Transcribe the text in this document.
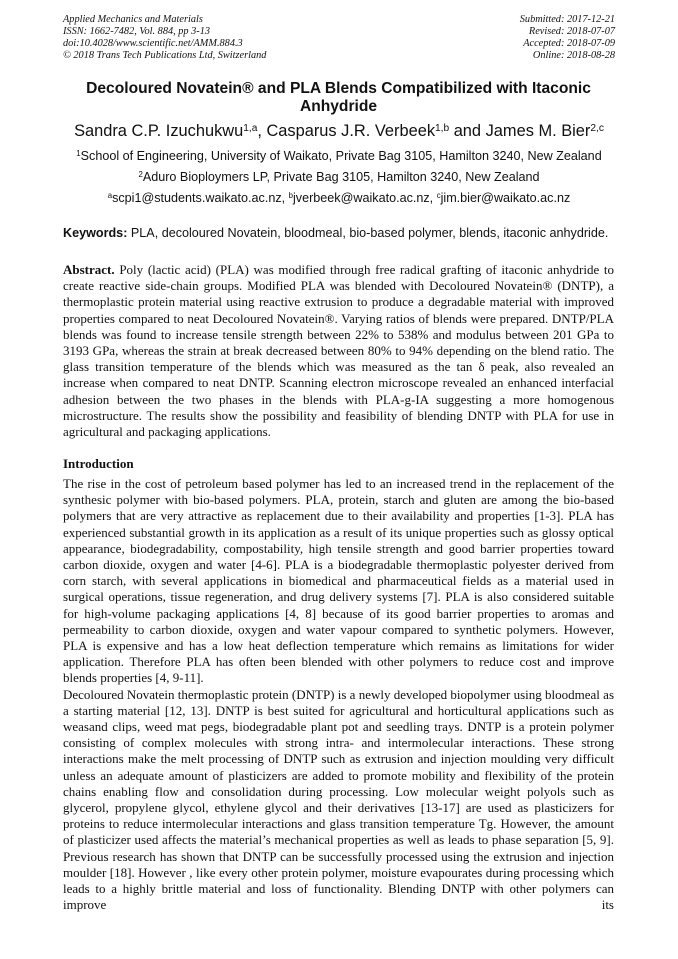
Applied Mechanics and Materials
ISSN: 1662-7482, Vol. 884, pp 3-13
doi:10.4028/www.scientific.net/AMM.884.3
© 2018 Trans Tech Publications Ltd, Switzerland
Submitted: 2017-12-21
Revised: 2018-07-07
Accepted: 2018-07-09
Online: 2018-08-28
Decoloured Novatein® and PLA Blends Compatibilized with Itaconic Anhydride
Sandra C.P. Izuchukwu$^{1,a}$, Casparus J.R. Verbeek$^{1,b}$ and James M. Bier$^{2,c}$
$^1$School of Engineering, University of Waikato, Private Bag 3105, Hamilton 3240, New Zealand
$^2$Aduro Bioploymers LP, Private Bag 3105, Hamilton 3240, New Zealand
$^a$scpi1@students.waikato.ac.nz, $^b$jverbeek@waikato.ac.nz, $^c$jim.bier@waikato.ac.nz
Keywords: PLA, decoloured Novatein, bloodmeal, bio-based polymer, blends, itaconic anhydride.

Abstract. Poly (lactic acid) (PLA) was modified through free radical grafting of itaconic anhydride to create reactive side-chain groups. Modified PLA was blended with Decoloured Novatein® (DNTP), a thermoplastic protein material using reactive extrusion to produce a degradable material with improved properties compared to neat Decoloured Novatein®. Varying ratios of blends were prepared. DNTP/PLA blends was found to increase tensile strength between 22% to 538% and modulus between 201 GPa to 3193 GPa, whereas the strain at break decreased between 80% to 94% depending on the blend ratio. The glass transition temperature of the blends which was measured as the tan δ peak, also revealed an increase when compared to neat DNTP. Scanning electron microscope revealed an enhanced interfacial adhesion between the two phases in the blends with PLA-g-IA suggesting a more homogenous microstructure. The results show the possibility and feasibility of blending DNTP with PLA for use in agricultural and packaging applications.

Introduction

The rise in the cost of petroleum based polymer has led to an increased trend in the replacement of the synthesic polymer with bio-based polymers. PLA, protein, starch and gluten are among the bio-based polymers that are very attractive as replacement due to their availability and properties [1-3]. PLA has experienced substantial growth in its application as a result of its unique properties such as glossy optical appearance, biodegradability, compostability, high tensile strength and good barrier properties toward carbon dioxide, oxygen and water [4-6]. PLA is a biodegradable thermoplastic polyester derived from corn starch, with several applications in biomedical and pharmaceutical fields as a material used in surgical operations, tissue regeneration, and drug delivery systems [7]. PLA is also considered suitable for high-volume packaging applications [4, 8] because of its good barrier properties to aromas and permeability to carbon dioxide, oxygen and water vapour compared to synthetic polymers. However, PLA is expensive and has a low heat deflection temperature which remains as limitations for wider application. Therefore PLA has often been blended with other polymers to reduce cost and improve blends properties [4, 9-11].

Decoloured Novatein thermoplastic protein (DNTP) is a newly developed biopolymer using bloodmeal as a starting material [12, 13]. DNTP is best suited for agricultural and horticultural applications such as weasand clips, weed mat pegs, biodegradable plant pot and seedling trays. DNTP is a protein polymer consisting of complex molecules with strong intra- and intermolecular interactions. These strong interactions make the melt processing of DNTP such as extrusion and injection moulding very difficult unless an adequate amount of plasticizers are added to promote mobility and flexibility of the protein chains enabling flow and consolidation during processing. Low molecular weight polyols such as glycerol, propylene glycol, ethylene glycol and their derivatives [13-17] are used as plasticizers for proteins to reduce intermolecular interactions and glass transition temperature Tg. However, the amount of plasticizer used affects the material’s mechanical properties as well as leads to phase separation [5, 9]. Previous research has shown that DNTP can be successfully processed using the extrusion and injection moulder [18]. However , like every other protein polymer, moisture evapourates during processing which leads to a highly brittle material and loss of functionality. Blending DNTP with other polymers can improve its
